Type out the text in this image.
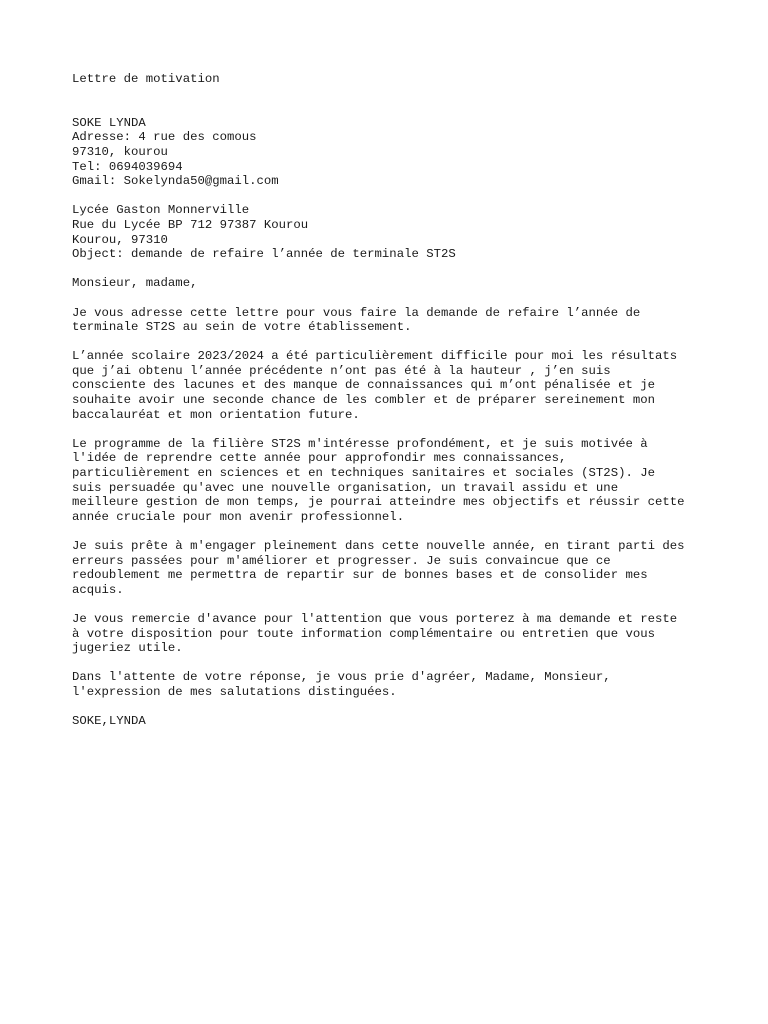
Lettre de motivation
SOKE LYNDA
Adresse: 4 rue des comous
97310, kourou
Tel: 0694039694
Gmail: Sokelynda50@gmail.com
Lycée Gaston Monnerville
Rue du Lycée BP 712 97387 Kourou
Kourou, 97310
Object: demande de refaire l’année de terminale ST2S
Monsieur, madame,
Je vous adresse cette lettre pour vous faire la demande de refaire l’année de
terminale ST2S au sein de votre établissement.
L’année scolaire 2023/2024 a été particulièrement difficile pour moi les résultats
que j’ai obtenu l’année précédente n’ont pas été à la hauteur , j’en suis
consciente des lacunes et des manque de connaissances qui m’ont pénalisée et je
souhaite avoir une seconde chance de les combler et de préparer sereinement mon
baccalauréat et mon orientation future.
Le programme de la filière ST2S m'intéresse profondément, et je suis motivée à
l'idée de reprendre cette année pour approfondir mes connaissances,
particulièrement en sciences et en techniques sanitaires et sociales (ST2S). Je
suis persuadée qu'avec une nouvelle organisation, un travail assidu et une
meilleure gestion de mon temps, je pourrai atteindre mes objectifs et réussir cette
année cruciale pour mon avenir professionnel.
Je suis prête à m'engager pleinement dans cette nouvelle année, en tirant parti des
erreurs passées pour m'améliorer et progresser. Je suis convaincue que ce
redoublement me permettra de repartir sur de bonnes bases et de consolider mes
acquis.
Je vous remercie d'avance pour l'attention que vous porterez à ma demande et reste
à votre disposition pour toute information complémentaire ou entretien que vous
jugeriez utile.
Dans l'attente de votre réponse, je vous prie d'agréer, Madame, Monsieur,
l'expression de mes salutations distinguées.
SOKE,LYNDA
